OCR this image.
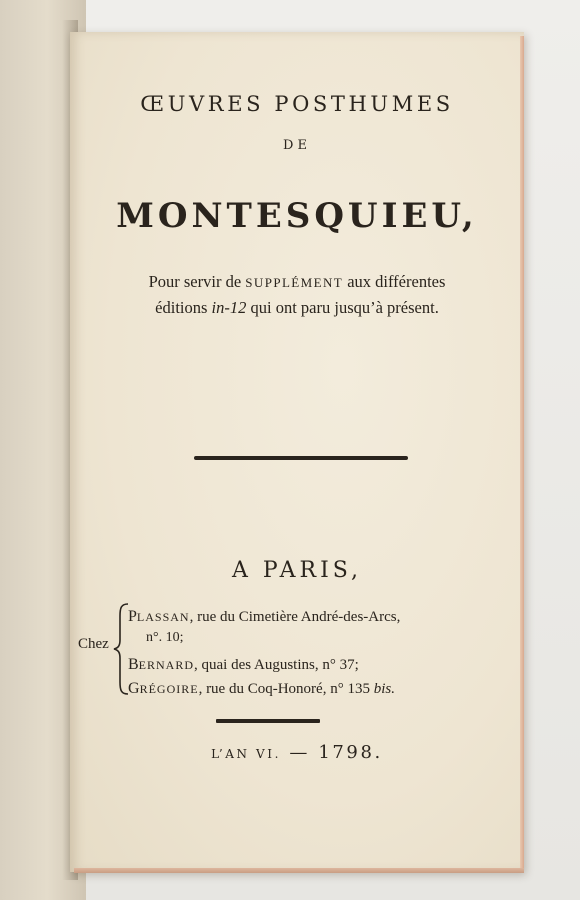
ŒUVRES POSTHUMES
DE
MONTESQUIEU,
Pour servir de SUPPLÉMENT aux différentes
éditions in-12 qui ont paru jusqu’à présent.
A PARIS,
Chez
PLASSAN, rue du Cimetière André-des-Arcs,
n°. 10;
BERNARD, quai des Augustins, n° 37;
GRÉGOIRE, rue du Coq-Honoré, n° 135 bis.
L’AN VI. — 1798.
